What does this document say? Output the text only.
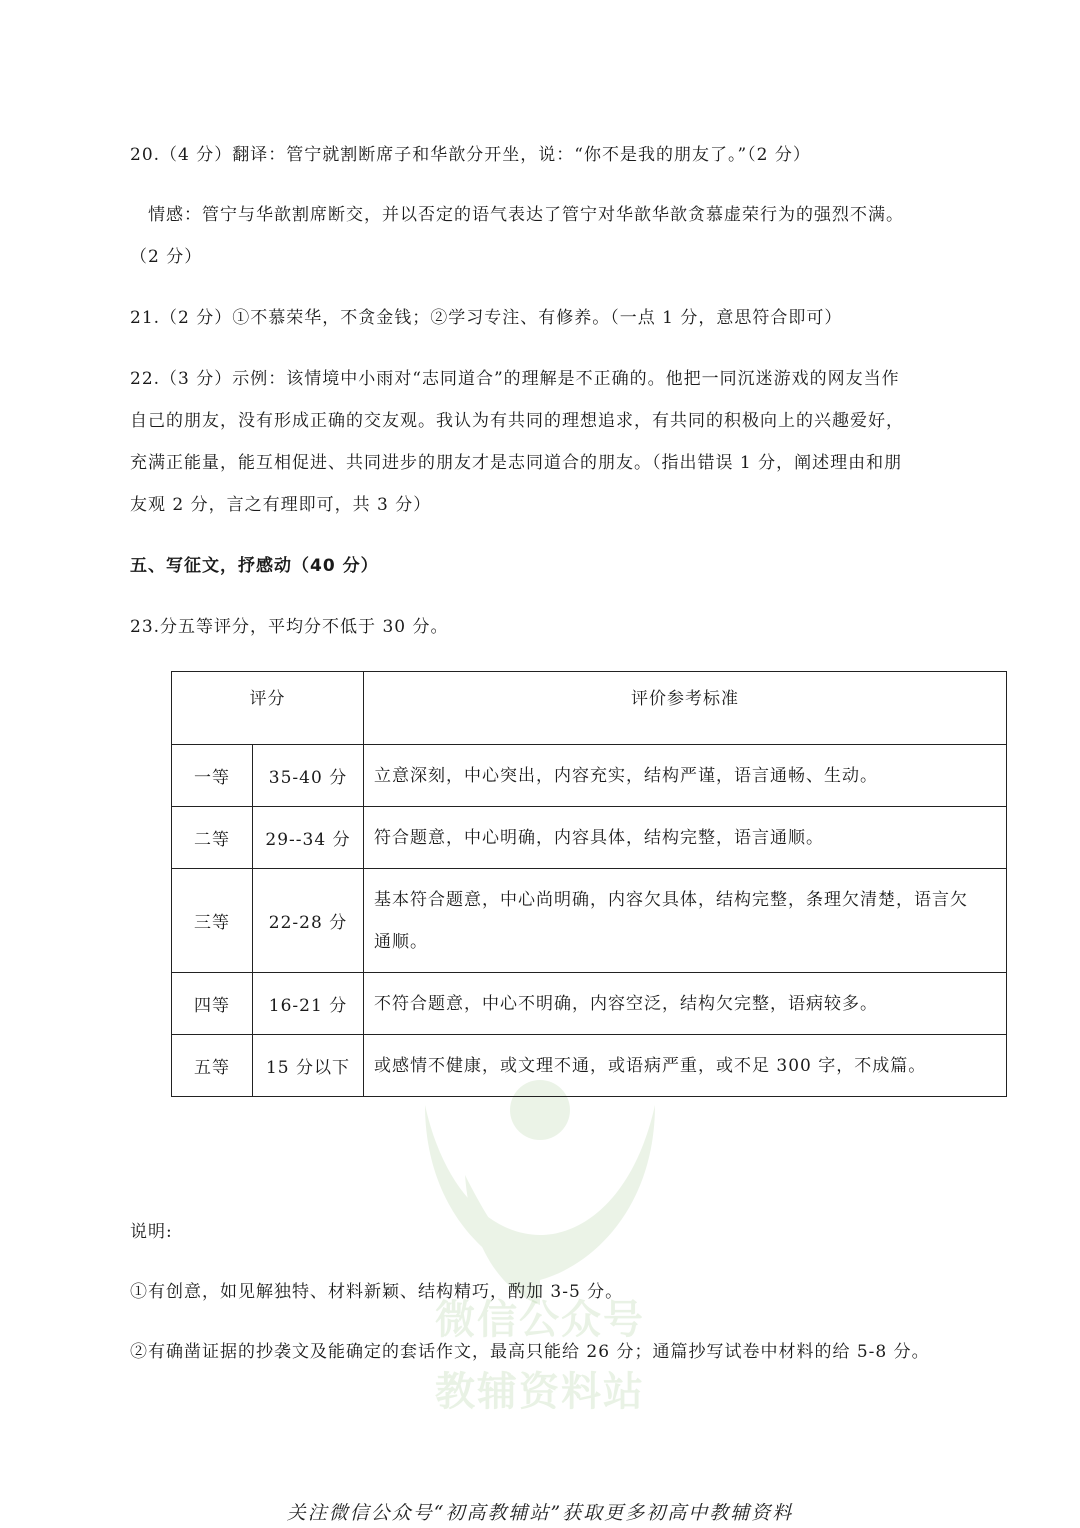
微信公众号
教辅资料站
20.（4 分）翻译：管宁就割断席子和华歆分开坐，说：“你不是我的朋友了。”（2 分）
情感：管宁与华歆割席断交，并以否定的语气表达了管宁对华歆华歆贪慕虚荣行为的强烈不满。
（2 分）
21.（2 分）①不慕荣华，不贪金钱；②学习专注、有修养。（一点 1 分，意思符合即可）
22.（3 分）示例：该情境中小雨对“志同道合”的理解是不正确的。他把一同沉迷游戏的网友当作
自己的朋友，没有形成正确的交友观。我认为有共同的理想追求，有共同的积极向上的兴趣爱好，
充满正能量，能互相促进、共同进步的朋友才是志同道合的朋友。（指出错误 1 分，阐述理由和朋
友观 2 分，言之有理即可，共 3 分）
五、写征文，抒感动（40 分）
23.分五等评分，平均分不低于 30 分。
评分		评价参考标准
一等	35-40 分	立意深刻，中心突出，内容充实，结构严谨，语言通畅、生动。
二等	29--34 分	符合题意，中心明确，内容具体，结构完整，语言通顺。
三等	22-28 分	基本符合题意，中心尚明确，内容欠具体，结构完整，条理欠清楚，语言欠
通顺。

四等	16-21 分	不符合题意，中心不明确，内容空泛，结构欠完整，语病较多。
五等	15 分以下	或感情不健康，或文理不通，或语病严重，或不足 300 字，不成篇。
说明:
①有创意，如见解独特、材料新颖、结构精巧，酌加 3-5 分。
②有确凿证据的抄袭文及能确定的套话作文，最高只能给 26 分；通篇抄写试卷中材料的给 5-8 分。
关注微信公众号“初高教辅站”获取更多初高中教辅资料
